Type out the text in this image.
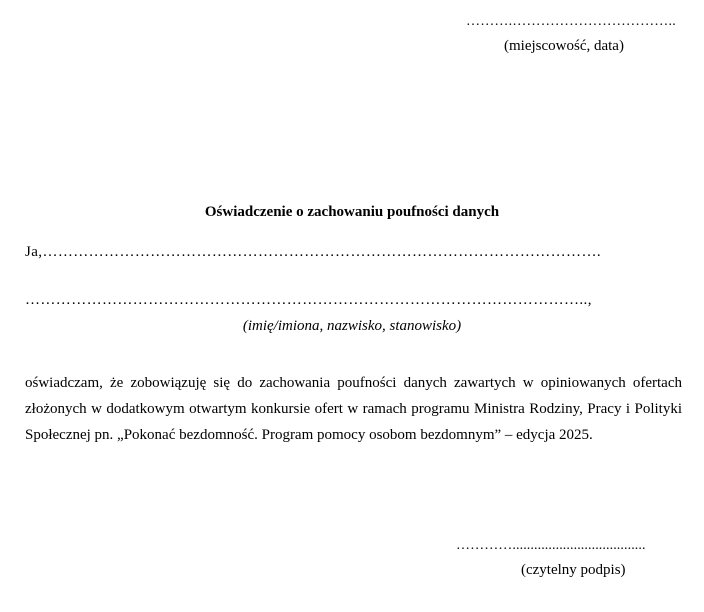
……….……………………………..
(miejscowość, data)
Oświadczenie o zachowaniu poufności danych
Ja,……………………………………………………………………………………………….
………………………………………………………………………………………………..,
(imię/imiona, nazwisko, stanowisko)
oświadczam, że zobowiązuję się do zachowania poufności danych zawartych w opiniowanych ofertach złożonych w dodatkowym otwartym konkursie ofert w ramach programu Ministra Rodziny, Pracy i Polityki Społecznej pn. „Pokonać bezdomność. Program pomocy osobom bezdomnym” – edycja 2025.
………….....................................
(czytelny podpis)
